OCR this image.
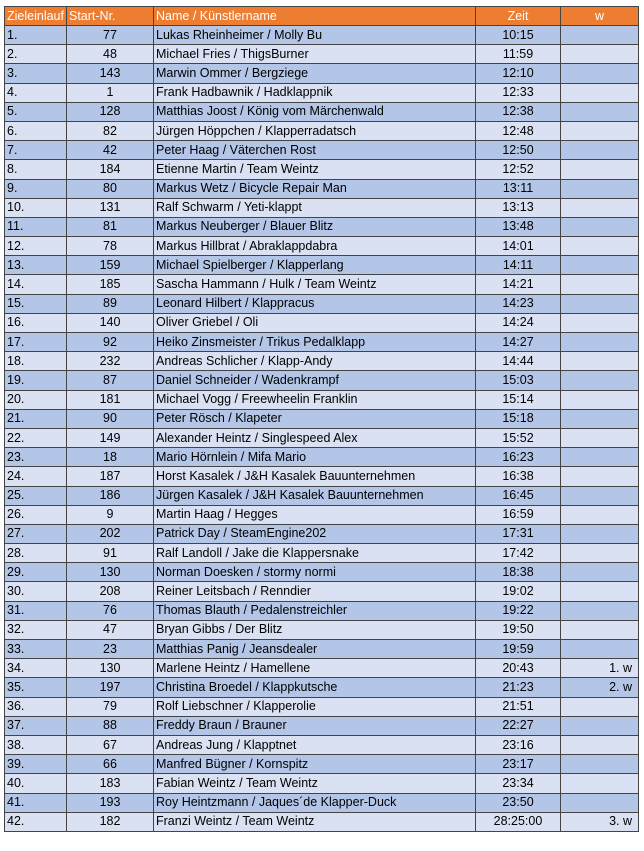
Zieleinlauf	Start-Nr.	Name / Künstlername	Zeit	w
1.	77	Lukas Rheinheimer / Molly Bu	10:15	
2.	48	Michael Fries / ThigsBurner	11:59	
3.	143	Marwin Ommer / Bergziege	12:10	
4.	1	Frank Hadbawnik / Hadklappnik	12:33	
5.	128	Matthias Joost / König vom Märchenwald	12:38	
6.	82	Jürgen Höppchen / Klapperradatsch	12:48	
7.	42	Peter Haag / Väterchen Rost	12:50	
8.	184	Etienne Martin / Team Weintz	12:52	
9.	80	Markus Wetz / Bicycle Repair Man	13:11	
10.	131	Ralf Schwarm / Yeti-klappt	13:13	
11.	81	Markus Neuberger / Blauer Blitz	13:48	
12.	78	Markus Hillbrat / Abraklappdabra	14:01	
13.	159	Michael Spielberger / Klapperlang	14:11	
14.	185	Sascha Hammann / Hulk / Team Weintz	14:21	
15.	89	Leonard Hilbert / Klappracus	14:23	
16.	140	Oliver Griebel / Oli	14:24	
17.	92	Heiko Zinsmeister / Trikus Pedalklapp	14:27	
18.	232	Andreas Schlicher / Klapp-Andy	14:44	
19.	87	Daniel Schneider / Wadenkrampf	15:03	
20.	181	Michael Vogg / Freewheelin Franklin	15:14	
21.	90	Peter Rösch / Klapeter	15:18	
22.	149	Alexander Heintz / Singlespeed Alex	15:52	
23.	18	Mario Hörnlein / Mifa Mario	16:23	
24.	187	Horst Kasalek / J&H Kasalek Bauunternehmen	16:38	
25.	186	Jürgen Kasalek / J&H Kasalek Bauunternehmen	16:45	
26.	9	Martin Haag / Hegges	16:59	
27.	202	Patrick Day / SteamEngine202	17:31	
28.	91	Ralf Landoll / Jake die Klappersnake	17:42	
29.	130	Norman Doesken / stormy normi	18:38	
30.	208	Reiner Leitsbach / Renndier	19:02	
31.	76	Thomas Blauth / Pedalenstreichler	19:22	
32.	47	Bryan Gibbs / Der Blitz	19:50	
33.	23	Matthias Panig / Jeansdealer	19:59	
34.	130	Marlene Heintz / Hamellene	20:43	1. w
35.	197	Christina Broedel / Klappkutsche	21:23	2. w
36.	79	Rolf Liebschner / Klapperolie	21:51	
37.	88	Freddy Braun / Brauner	22:27	
38.	67	Andreas Jung / Klapptnet	23:16	
39.	66	Manfred Bügner / Kornspitz	23:17	
40.	183	Fabian Weintz / Team Weintz	23:34	
41.	193	Roy Heintzmann / Jaques´de Klapper-Duck	23:50	
42.	182	Franzi Weintz / Team Weintz	28:25:00	3. w
